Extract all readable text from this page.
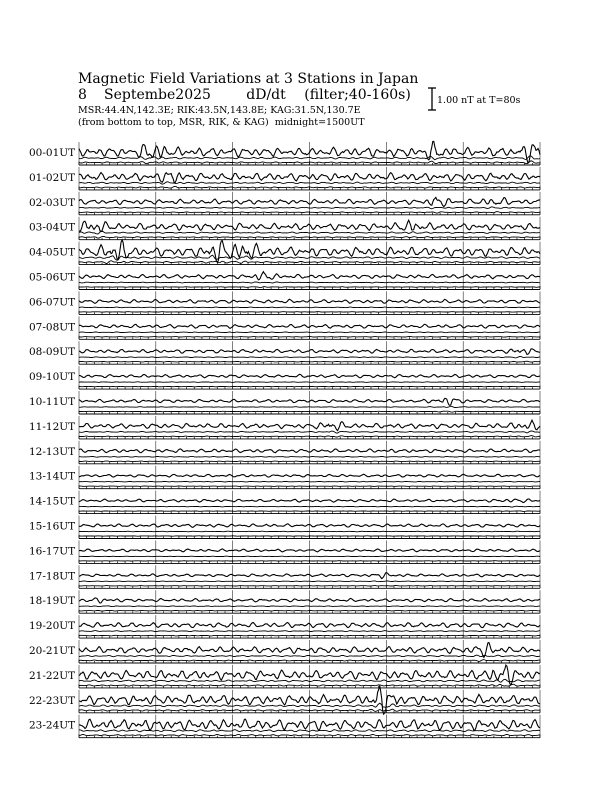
Magnetic Field Variations at 3 Stations in Japan
8 Septembe2025	dD/dt (filter;40-160s)
MSR:44.4N,142.3E; RIK:43.5N,143.8E; KAG:31.5N,130.7E
(from bottom to top, MSR, RIK, & KAG) midnight=1500UT
1.00 nT at T=80s
00-01UT
01-02UT
02-03UT
03-04UT
04-05UT
05-06UT
06-07UT
07-08UT
08-09UT
09-10UT
10-11UT
11-12UT
12-13UT
13-14UT
14-15UT
15-16UT
16-17UT
17-18UT
18-19UT
19-20UT
20-21UT
21-22UT
22-23UT
23-24UT
